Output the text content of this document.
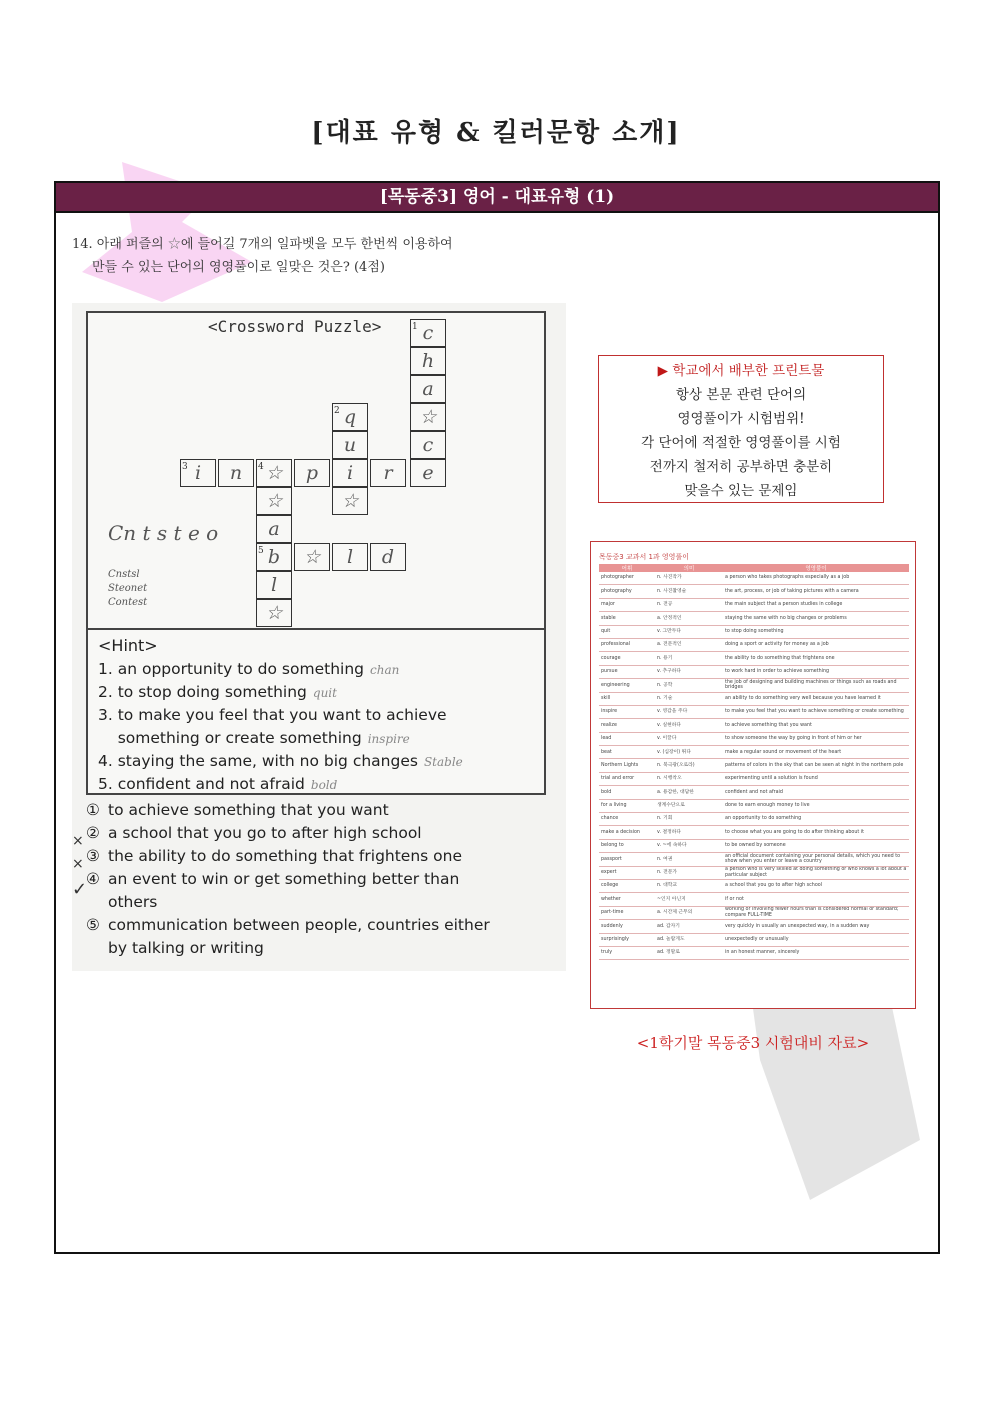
[대표 유형 & 킬러문항 소개]
[목동중3] 영어 - 대표유형 (1)
14. 아래 퍼즐의 ☆에 들어길 7개의 일파벳을 모두 한번씩 이용하여
만들 수 있는 단어의 영영풀이로 일맞은 것은? (4점)
<Crossword Puzzle>	1 c
h
a
☆
c
e
2 q
u
☆
3 i	n	4 ☆	p	i	r
☆
a
5 b
l
☆
☆	l	d
Cn t s t e o
Cnstsl
Steonet
Contest
<Hint>
1. an opportunity to do something chan
2. to stop doing something quit
3. to make you feel that you want to achieve
something or create something inspire
4. staying the same, with no big changes Stable
5. confident and not afraid bold
×
×
✓
① to achieve something that you want
② a school that you go to after high school
③ the ability to do something that frightens one
④ an event to win or get something better than
others
⑤ communication between people, countries either
by talking or writing
▶ 학교에서 배부한 프린트물
항상 본문 관련 단어의
영영풀이가 시험범위!
각 단어에 적절한 영영풀이를 시험
전까지 철저히 공부하면 충분히
맞을수 있는 문제임
목동중3 교과서 1과 영영풀이
어휘	의미	영영풀이
photographer	n. 사진작가	a person who takes photographs especially as a job
photography	n. 사진촬영술	the art, process, or job of taking pictures with a camera
major	n. 전공	the main subject that a person studies in college
stable	a. 안정적인	staying the same with no big changes or problems
quit	v. 그만두다	to stop doing something
professional	a. 전문적인	doing a sport or activity for money as a job
courage	n. 용기	the ability to do something that frightens one
pursue	v. 추구하다	to work hard in order to achieve something
engineering	n. 공학	the job of designing and building machines or things such as roads and bridges
skill	n. 기술	an ability to do something very well because you have learned it
inspire	v. 영감을 주다	to make you feel that you want to achieve something or create something
realize	v. 실현하다	to achieve something that you want
lead	v. 이끌다	to show someone the way by going in front of him or her
beat	v. (심장이) 뛰다	make a regular sound or movement of the heart
Northern Lights	n. 북극광(오로라)	patterns of colors in the sky that can be seen at night in the northern pole
trial and error	n. 시행착오	experimenting until a solution is found
bold	a. 용감한, 대담한	confident and not afraid
for a living	생계수단으로	done to earn enough money to live
chance	n. 기회	an opportunity to do something
make a decision	v. 결정하다	to choose what you are going to do after thinking about it
belong to	v. ~에 속하다	to be owned by someone
passport	n. 여권	an official document containing your personal details, which you need to show when you enter or leave a country
expert	n. 전문가	a person who is very skilled at doing something or who knows a lot about a particular subject
college	n. 대학교	a school that you go to after high school
whether	~인지 아닌지	if or not
part-time	a. 시간제 근무의	working or involving fewer hours than is considered normal or standard; compare FULL-TIME
suddenly	ad. 갑자기	very quickly in usually an unexpected way, in a sudden way
surprisingly	ad. 놀랍게도	unexpectedly or unusually
truly	ad. 정말로	in an honest manner, sincerely
<1학기말 목동중3 시험대비 자료>
